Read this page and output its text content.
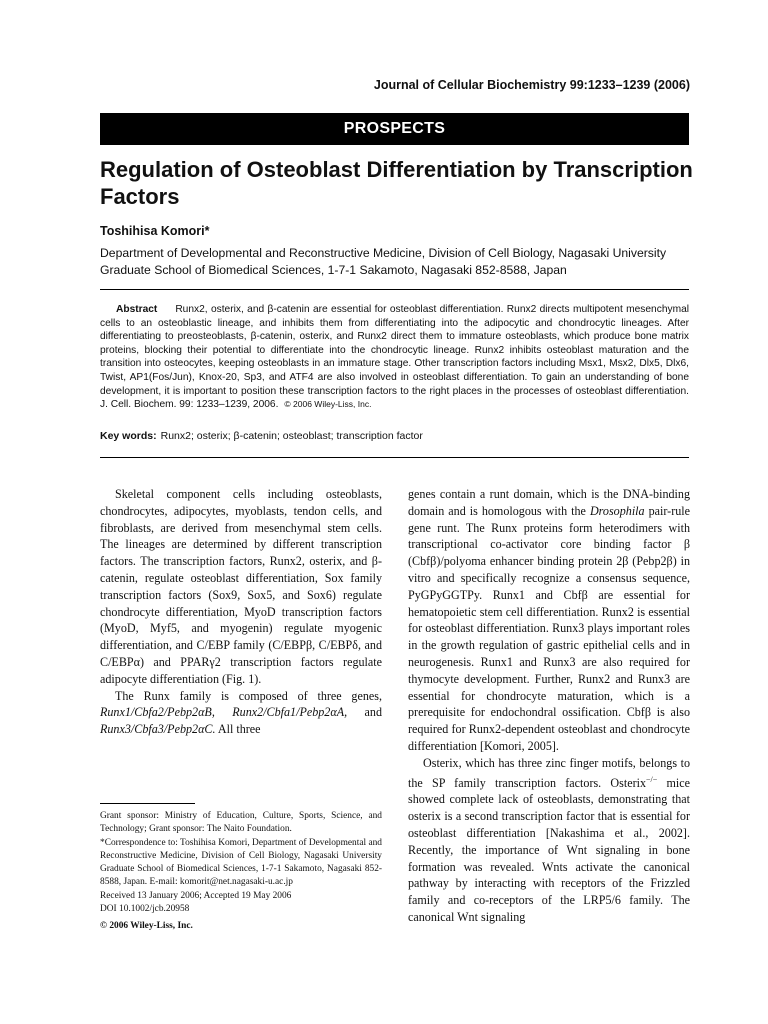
Journal of Cellular Biochemistry 99:1233–1239 (2006)
PROSPECTS
Regulation of Osteoblast Differentiation by Transcription Factors
Toshihisa Komori*
Department of Developmental and Reconstructive Medicine, Division of Cell Biology, Nagasaki University
Graduate School of Biomedical Sciences, 1-7-1 Sakamoto, Nagasaki 852-8588, Japan
Abstract Runx2, osterix, and β-catenin are essential for osteoblast differentiation. Runx2 directs multipotent mesenchymal cells to an osteoblastic lineage, and inhibits them from differentiating into the adipocytic and chondrocytic lineages. After differentiating to preosteoblasts, β-catenin, osterix, and Runx2 direct them to immature osteoblasts, which produce bone matrix proteins, blocking their potential to differentiate into the chondrocytic lineage. Runx2 inhibits osteoblast maturation and the transition into osteocytes, keeping osteoblasts in an immature stage. Other transcription factors including Msx1, Msx2, Dlx5, Dlx6, Twist, AP1(Fos/Jun), Knox-20, Sp3, and ATF4 are also involved in osteoblast differentiation. To gain an understanding of bone development, it is important to position these transcription factors to the right places in the processes of osteoblast differentiation. J. Cell. Biochem. 99: 1233–1239, 2006. © 2006 Wiley-Liss, Inc.
Key words: Runx2; osterix; β-catenin; osteoblast; transcription factor

Skeletal component cells including osteoblasts, chondrocytes, adipocytes, myoblasts, tendon cells, and fibroblasts, are derived from mesenchymal stem cells. The lineages are determined by different transcription factors. The transcription factors, Runx2, osterix, and β-catenin, regulate osteoblast differentiation, Sox family transcription factors (Sox9, Sox5, and Sox6) regulate chondrocyte differentiation, MyoD transcription factors (MyoD, Myf5, and myogenin) regulate myogenic differentiation, and C/EBP family (C/EBPβ, C/EBPδ, and C/EBPα) and PPARγ2 transcription factors regulate adipocyte differentiation (Fig. 1).

The Runx family is composed of three genes, Runx1/Cbfa2/Pebp2αB, Runx2/Cbfa1/Pebp2αA, and Runx3/Cbfa3/Pebp2αC. All three

genes contain a runt domain, which is the DNA-binding domain and is homologous with the Drosophila pair-rule gene runt. The Runx proteins form heterodimers with transcriptional co-activator core binding factor β (Cbfβ)/polyoma enhancer binding protein 2β (Pebp2β) in vitro and specifically recognize a consensus sequence, PyGPyGGTPy. Runx1 and Cbfβ are essential for hematopoietic stem cell differentiation. Runx2 is essential for osteoblast differentiation. Runx3 plays important roles in the growth regulation of gastric epithelial cells and in neurogenesis. Runx1 and Runx3 are also required for thymocyte development. Further, Runx2 and Runx3 are essential for chondrocyte maturation, which is a prerequisite for endochondral ossification. Cbfβ is also required for Runx2-dependent osteoblast and chondrocyte differentiation [Komori, 2005].

Osterix, which has three zinc finger motifs, belongs to the SP family transcription factors. Osterix−/− mice showed complete lack of osteoblasts, demonstrating that osterix is a second transcription factor that is essential for osteoblast differentiation [Nakashima et al., 2002]. Recently, the importance of Wnt signaling in bone formation was revealed. Wnts activate the canonical pathway by interacting with receptors of the Frizzled family and co-receptors of the LRP5/6 family. The canonical Wnt signaling

Grant sponsor: Ministry of Education, Culture, Sports, Science, and Technology; Grant sponsor: The Naito Foundation.

*Correspondence to: Toshihisa Komori, Department of Developmental and Reconstructive Medicine, Division of Cell Biology, Nagasaki University Graduate School of Biomedical Sciences, 1-7-1 Sakamoto, Nagasaki 852-8588, Japan. E-mail: komorit@net.nagasaki-u.ac.jp

Received 13 January 2006; Accepted 19 May 2006

DOI 10.1002/jcb.20958

© 2006 Wiley-Liss, Inc.
